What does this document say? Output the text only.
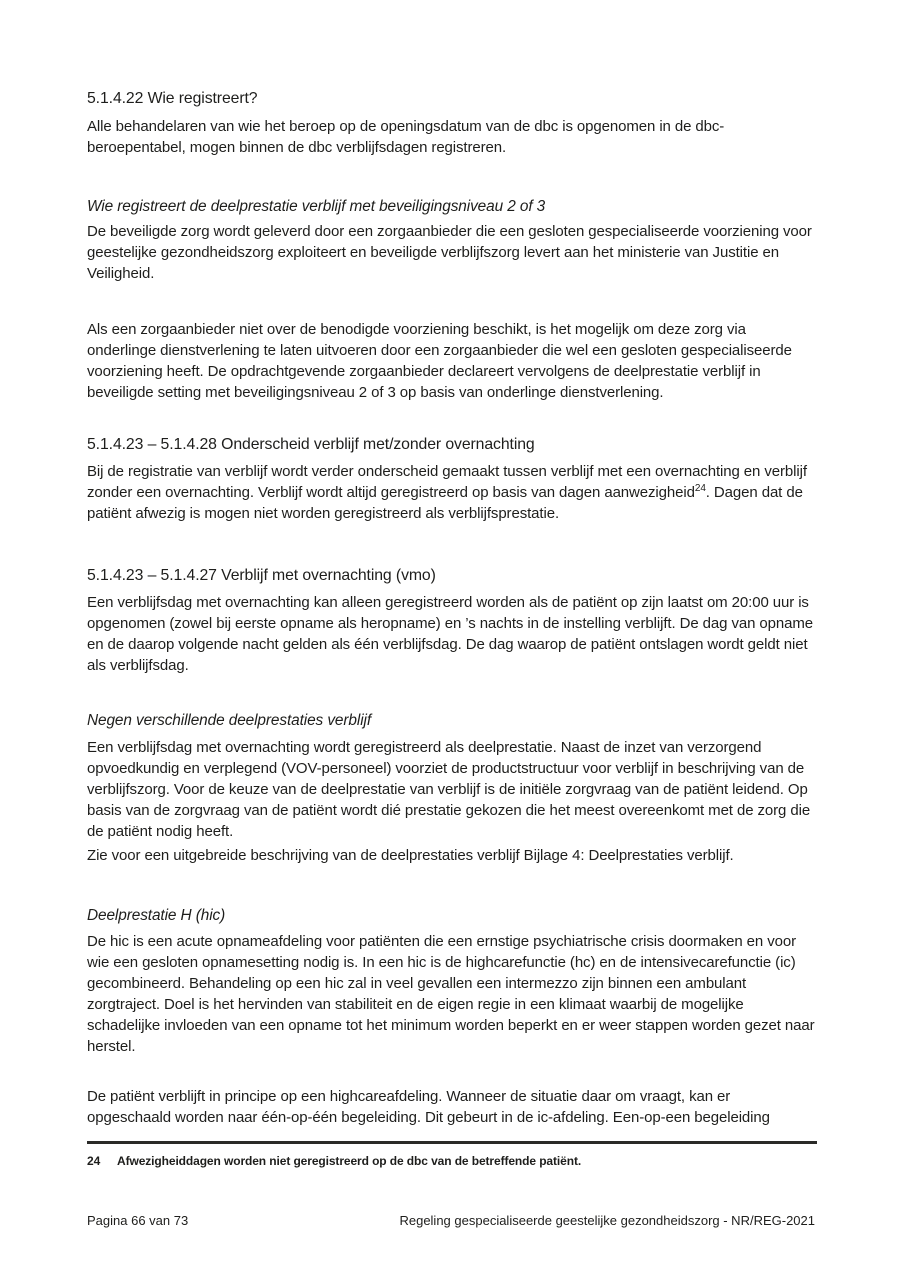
5.1.4.22 Wie registreert?

Alle behandelaren van wie het beroep op de openingsdatum van de dbc is opgenomen in de dbc-beroepentabel, mogen binnen de dbc verblijfsdagen registreren.

Wie registreert de deelprestatie verblijf met beveiligingsniveau 2 of 3

De beveiligde zorg wordt geleverd door een zorgaanbieder die een gesloten gespecialiseerde voorziening voor geestelijke gezondheidszorg exploiteert en beveiligde verblijfszorg levert aan het ministerie van Justitie en Veiligheid.

Als een zorgaanbieder niet over de benodigde voorziening beschikt, is het mogelijk om deze zorg via onderlinge dienstverlening te laten uitvoeren door een zorgaanbieder die wel een gesloten gespecialiseerde voorziening heeft. De opdrachtgevende zorgaanbieder declareert vervolgens de deelprestatie verblijf in beveiligde setting met beveiligingsniveau 2 of 3 op basis van onderlinge dienstverlening.

5.1.4.23 – 5.1.4.28 Onderscheid verblijf met/zonder overnachting

Bij de registratie van verblijf wordt verder onderscheid gemaakt tussen verblijf met een overnachting en verblijf zonder een overnachting. Verblijf wordt altijd geregistreerd op basis van dagen aanwezigheid$^{24}$. Dagen dat de patiënt afwezig is mogen niet worden geregistreerd als verblijfsprestatie.

5.1.4.23 – 5.1.4.27 Verblijf met overnachting (vmo)

Een verblijfsdag met overnachting kan alleen geregistreerd worden als de patiënt op zijn laatst om 20:00 uur is opgenomen (zowel bij eerste opname als heropname) en ’s nachts in de instelling verblijft. De dag van opname en de daarop volgende nacht gelden als één verblijfsdag. De dag waarop de patiënt ontslagen wordt geldt niet als verblijfsdag.

Negen verschillende deelprestaties verblijf

Een verblijfsdag met overnachting wordt geregistreerd als deelprestatie. Naast de inzet van verzorgend opvoedkundig en verplegend (VOV-personeel) voorziet de productstructuur voor verblijf in beschrijving van de verblijfszorg. Voor de keuze van de deelprestatie van verblijf is de initiële zorgvraag van de patiënt leidend. Op basis van de zorgvraag van de patiënt wordt dié prestatie gekozen die het meest overeenkomt met de zorg die de patiënt nodig heeft.

Zie voor een uitgebreide beschrijving van de deelprestaties verblijf Bijlage 4: Deelprestaties verblijf.

Deelprestatie H (hic)

De hic is een acute opnameafdeling voor patiënten die een ernstige psychiatrische crisis doormaken en voor wie een gesloten opnamesetting nodig is. In een hic is de highcarefunctie (hc) en de intensivecarefunctie (ic) gecombineerd. Behandeling op een hic zal in veel gevallen een intermezzo zijn binnen een ambulant zorgtraject. Doel is het hervinden van stabiliteit en de eigen regie in een klimaat waarbij de mogelijke schadelijke invloeden van een opname tot het minimum worden beperkt en er weer stappen worden gezet naar herstel.

De patiënt verblijft in principe op een highcareafdeling. Wanneer de situatie daar om vraagt, kan er opgeschaald worden naar één-op-één begeleiding. Dit gebeurt in de ic-afdeling. Een-op-een begeleiding

24	Afwezigheiddagen worden niet geregistreerd op de dbc van de betreffende patiënt.
Pagina 66 van 73	Regeling gespecialiseerde geestelijke gezondheidszorg - NR/REG-2021
